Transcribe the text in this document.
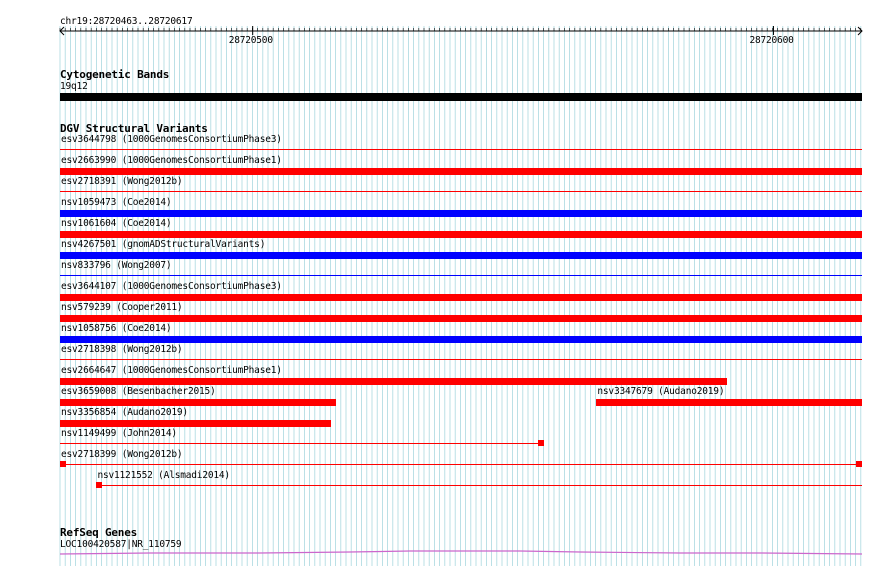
chr19:28720463..28720617
28720500	28720600
Cytogenetic Bands
19q12
DGV Structural Variants
esv3644798 (1000GenomesConsortiumPhase3)
esv2663990 (1000GenomesConsortiumPhase1)
esv2718391 (Wong2012b)
nsv1059473 (Coe2014)
nsv1061604 (Coe2014)
nsv4267501 (gnomADStructuralVariants)
nsv833796 (Wong2007)
esv3644107 (1000GenomesConsortiumPhase3)
nsv579239 (Cooper2011)
nsv1058756 (Coe2014)
esv2718398 (Wong2012b)
esv2664647 (1000GenomesConsortiumPhase1)
esv3659008 (Besenbacher2015)	nsv3347679 (Audano2019)
nsv3356854 (Audano2019)
nsv1149499 (John2014)
esv2718399 (Wong2012b)
nsv1121552 (Alsmadi2014)
RefSeq Genes
LOC100420587|NR_110759
